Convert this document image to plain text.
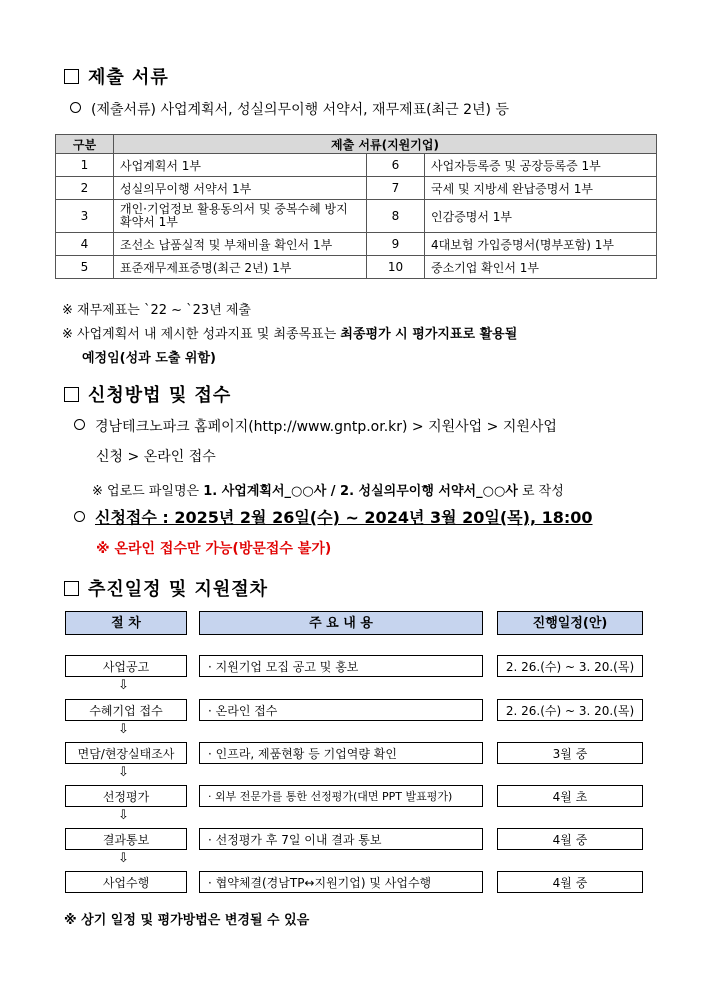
제출 서류
(제출서류) 사업계획서, 성실의무이행 서약서, 재무제표(최근 2년) 등
구분	제출 서류(지원기업)		
1	사업계획서 1부	6	사업자등록증 및 공장등록증 1부
2	성실의무이행 서약서 1부	7	국세 및 지방세 완납증명서 1부
3	개인·기업정보 활용동의서 및 중복수혜 방지 확약서 1부	8	인감증명서 1부
4	조선소 납품실적 및 부채비율 확인서 1부	9	4대보험 가입증명서(명부포함) 1부
5	표준재무제표증명(최근 2년) 1부	10	중소기업 확인서 1부
※ 재무제표는 `22 ~ `23년 제출
※ 사업계획서 내 제시한 성과지표 및 최종목표는 최종평가 시 평가지표로 활용될
예정임(성과 도출 위함)
신청방법 및 접수
경남테크노파크 홈페이지(http://www.gntp.or.kr) > 지원사업 > 지원사업
신청 > 온라인 접수
※ 업로드 파일명은 1. 사업계획서_○○사 / 2. 성실의무이행 서약서_○○사 로 작성
신청접수 : 2025년 2월 26일(수) ~ 2024년 3월 20일(목), 18:00
※ 온라인 접수만 가능(방문접수 불가)
추진일정 및 지원절차
절 차	주 요 내 용	진행일정(안)
사업공고	· 지원기업 모집 공고 및 홍보	2. 26.(수) ~ 3. 20.(목)
⇩
수혜기업 접수	· 온라인 접수	2. 26.(수) ~ 3. 20.(목)
⇩
면담/현장실태조사	· 인프라, 제품현황 등 기업역량 확인	3월 중
⇩
선정평가	· 외부 전문가를 통한 선정평가(대면 PPT 발표평가)	4월 초
⇩
결과통보	· 선정평가 후 7일 이내 결과 통보	4월 중
⇩
사업수행	· 협약체결(경남TP↔지원기업) 및 사업수행	4월 중
※ 상기 일정 및 평가방법은 변경될 수 있음
